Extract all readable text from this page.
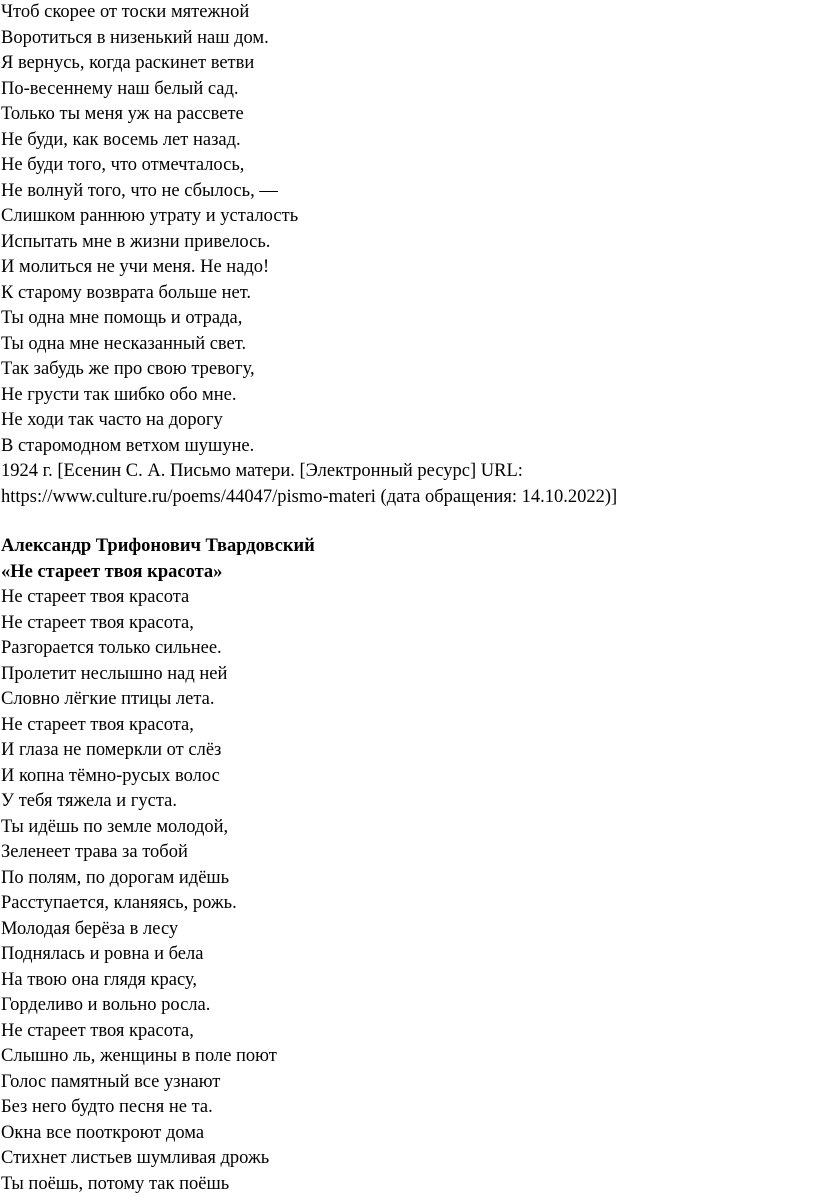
Чтоб скорее от тоски мятежной
Воротиться в низенький наш дом.
Я вернусь, когда раскинет ветви
По-весеннему наш белый сад.
Только ты меня уж на рассвете
Не буди, как восемь лет назад.
Не буди того, что отмечталось,
Не волнуй того, что не сбылось, —
Слишком раннюю утрату и усталость
Испытать мне в жизни привелось.
И молиться не учи меня. Не надо!
К старому возврата больше нет.
Ты одна мне помощь и отрада,
Ты одна мне несказанный свет.
Так забудь же про свою тревогу,
Не грусти так шибко обо мне.
Не ходи так часто на дорогу
В старомодном ветхом шушуне.
1924 г. [Есенин С. А. Письмо матери. [Электронный ресурс] URL:
https://www.culture.ru/poems/44047/pismo-materi (дата обращения: 14.10.2022)]
Александр Трифонович Твардовский
«Не стареет твоя красота»
Не стареет твоя красота
Не стареет твоя красота,
Разгорается только сильнее.
Пролетит неслышно над ней
Словно лёгкие птицы лета.
Не стареет твоя красота,
И глаза не померкли от слёз
И копна тёмно-русых волос
У тебя тяжела и густа.
Ты идёшь по земле молодой,
Зеленеет трава за тобой
По полям, по дорогам идёшь
Расступается, кланяясь, рожь.
Молодая берёза в лесу
Поднялась и ровна и бела
На твою она глядя красу,
Горделиво и вольно росла.
Не стареет твоя красота,
Слышно ль, женщины в поле поют
Голос памятный все узнают
Без него будто песня не та.
Окна все пооткроют дома
Стихнет листьев шумливая дрожь
Ты поёшь, потому так поёшь
